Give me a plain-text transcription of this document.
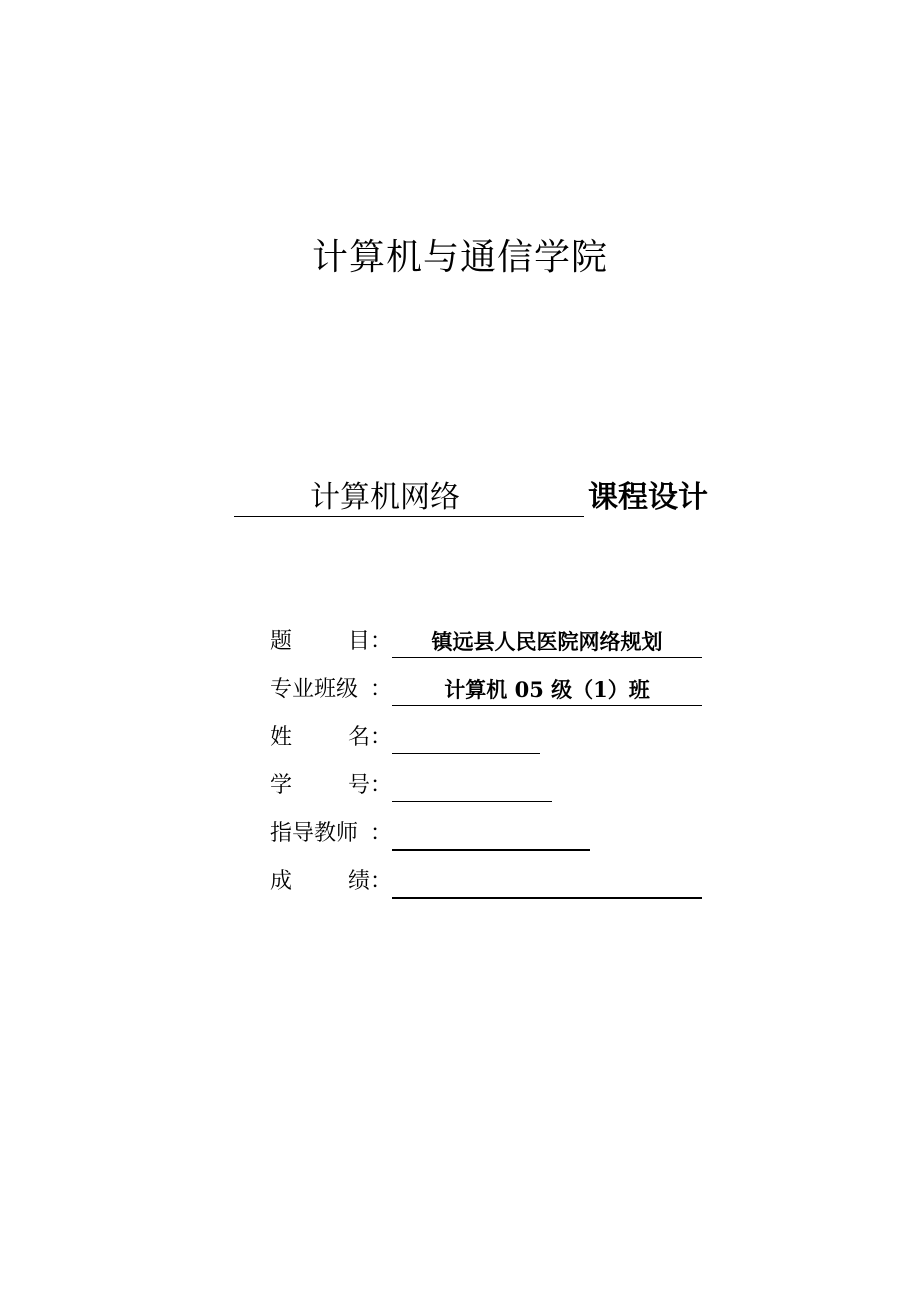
计算机与通信学院
计算机网络	课程设计
题	目 ：	镇远县人民医院网络规划
专业班级 ：	计算机 05 级（1）班
姓	名 ：
学	号 ：
指导教师 ：
成	绩 ：
